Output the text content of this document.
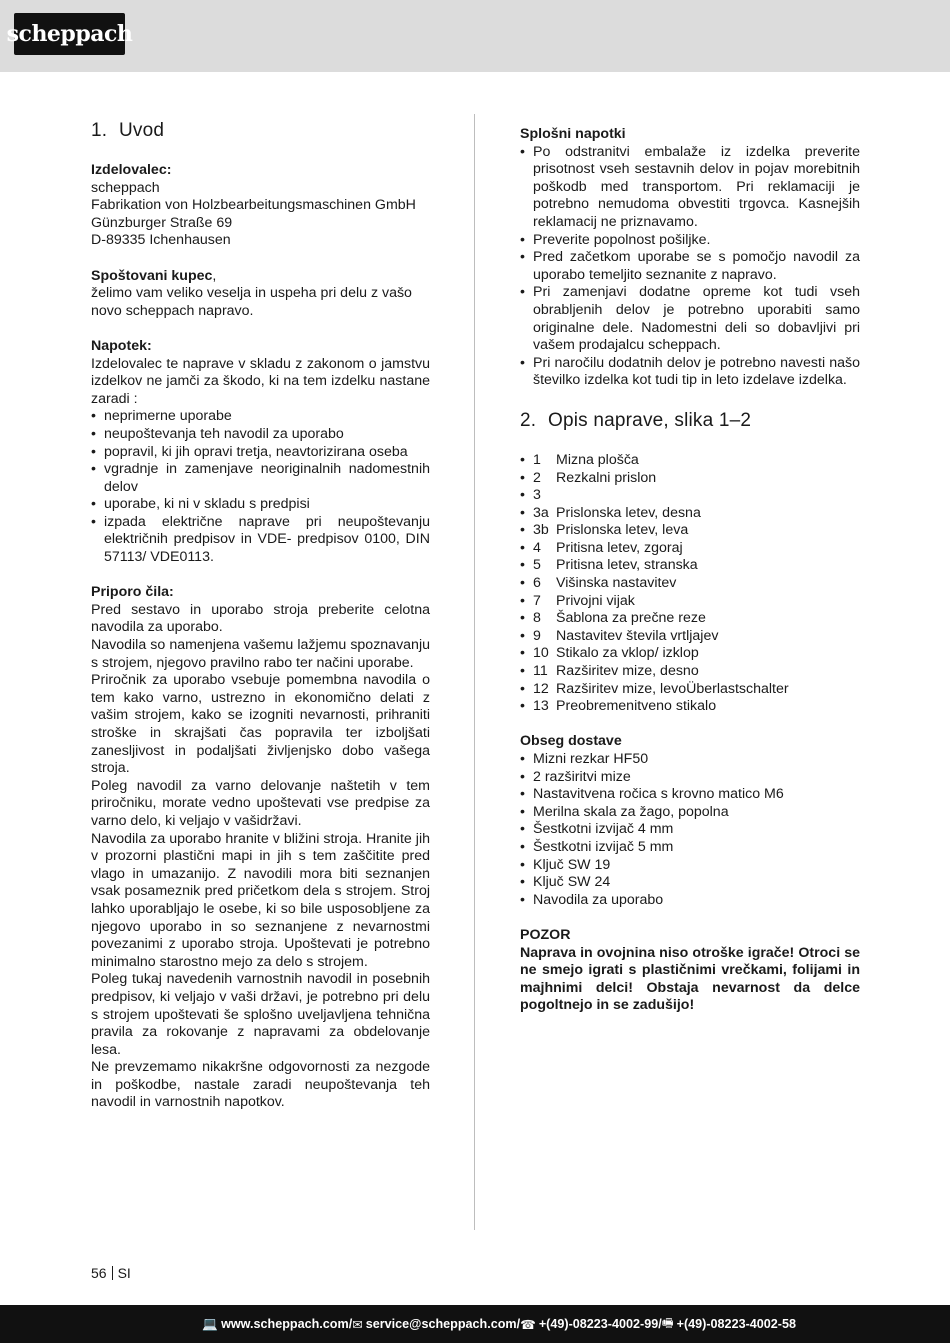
scheppach
1. Uvod

Izdelovalec:

scheppach

Fabrikation von Holzbearbeitungsmaschinen GmbH

Günzburger Straße 69

D-89335 Ichenhausen

Spoštovani kupec,

želimo vam veliko veselja in uspeha pri delu z vašo novo scheppach napravo.

Napotek:

Izdelovalec te naprave v skladu z zakonom o jamstvu izdelkov ne jamči za škodo, ki na tem izdelku nastane zaradi :

• neprimerne uporabe
• neupoštevanja teh navodil za uporabo
• popravil, ki jih opravi tretja, neavtorizirana oseba
• vgradnje in zamenjave neoriginalnih nadomestnih delov
• uporabe, ki ni v skladu s predpisi
• izpada električne naprave pri neupoštevanju električnih predpisov in VDE- predpisov 0100, DIN 57113/ VDE0113.

Priporo čila:

Pred sestavo in uporabo stroja preberite celotna navodila za uporabo.

Navodila so namenjena vašemu lažjemu spoznavanju s strojem, njegovo pravilno rabo ter načini uporabe.

Priročnik za uporabo vsebuje pomembna navodila o tem kako varno, ustrezno in ekonomično delati z vašim strojem, kako se izogniti nevarnosti, prihraniti stroške in skrajšati čas popravila ter izboljšati zanesljivost in podaljšati življenjsko dobo vašega stroja.

Poleg navodil za varno delovanje naštetih v tem priročniku, morate vedno upoštevati vse predpise za varno delo, ki veljajo v vašidržavi.

Navodila za uporabo hranite v bližini stroja. Hranite jih v prozorni plastični mapi in jih s tem zaščitite pred vlago in umazanijo. Z navodili mora biti seznanjen vsak posameznik pred pričetkom dela s strojem. Stroj lahko uporabljajo le osebe, ki so bile usposobljene za njegovo uporabo in so seznanjene z nevarnostmi povezanimi z uporabo stroja. Upoštevati je potrebno minimalno starostno mejo za delo s strojem.

Poleg tukaj navedenih varnostnih navodil in posebnih predpisov, ki veljajo v vaši državi, je potrebno pri delu s strojem upoštevati še splošno uveljavljena tehnična pravila za rokovanje z napravami za obdelovanje lesa.

Ne prevzemamo nikakršne odgovornosti za nezgode in poškodbe, nastale zaradi neupoštevanja teh navodil in varnostnih napotkov.

Splošni napotki

• Po odstranitvi embalaže iz izdelka preverite prisotnost vseh sestavnih delov in pojav morebitnih poškodb med transportom. Pri reklamaciji je potrebno nemudoma obvestiti trgovca. Kasnejših reklamacij ne priznavamo.
• Preverite popolnost pošiljke.
• Pred začetkom uporabe se s pomočjo navodil za uporabo temeljito seznanite z napravo.
• Pri zamenjavi dodatne opreme kot tudi vseh obrabljenih delov je potrebno uporabiti samo originalne dele. Nadomestni deli so dobavljivi pri vašem prodajalcu scheppach.
• Pri naročilu dodatnih delov je potrebno navesti našo številko izdelka kot tudi tip in leto izdelave izdelka.
2. Opis naprave, slika 1–2
• 1	Mizna plošča
• 2	Rezkalni prislon
• 3
• 3a Prislonska letev, desna
• 3b Prislonska letev, leva
• 4	Pritisna letev, zgoraj
• 5	Pritisna letev, stranska
• 6	Višinska nastavitev
• 7	Privojni vijak
• 8	Šablona za prečne reze
• 9	Nastavitev števila vrtljajev
• 10 Stikalo za vklop/ izklop
• 11 Razširitev mize, desno
• 12 Razširitev mize, levoÜberlastschalter
• 13 Preobremenitveno stikalo

Obseg dostave

• Mizni rezkar HF50
• 2 razširitvi mize
• Nastavitvena ročica s krovno matico M6
• Merilna skala za žago, popolna
• Šestkotni izvijač 4 mm
• Šestkotni izvijač 5 mm
• Ključ SW 19
• Ključ SW 24
• Navodila za uporabo

POZOR

Naprava in ovojnina niso otroške igrače! Otroci se ne smejo igrati s plastičnimi vrečkami, folijami in majhnimi delci! Obstaja nevarnost da delce pogoltnejo in se zadušijo!

56 SI
💻 www.scheppach.com / ✉ service@scheppach.com / ☎ +(49)-08223-4002-99 / 🖷 +(49)-08223-4002-58
